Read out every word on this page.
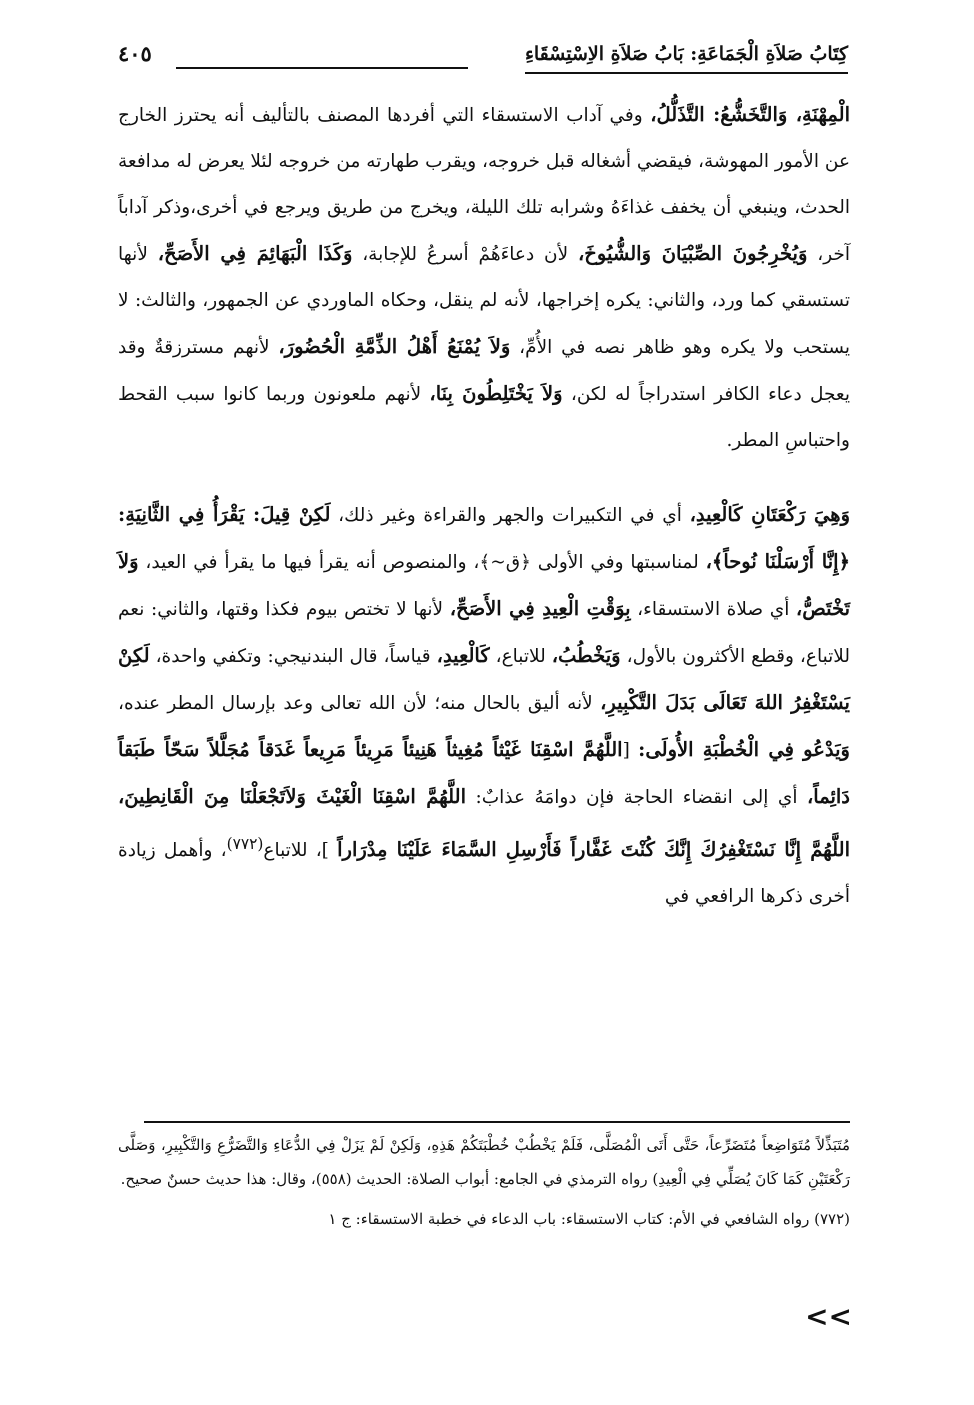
كِتَابُ صَلاَةِ الْجَمَاعَةِ: بَابُ صَلاَةِ الاِسْتِسْقَاءِ
٤٠٥

الْمِهْنَةِ، وَالتَّخَشُّعُ: التَّذَلُّلُ، وفي آداب الاستسقاء التي أفردها المصنف بالتأليف أنه يحترز الخارج عن الأمور المهوشة، فيقضي أشغاله قبل خروجه، ويقرب طهارته من خروجه لئلا يعرض له مدافعة الحدث، وينبغي أن يخفف غذاءَهُ وشرابه تلك الليلة، ويخرج من طريق ويرجع في أخرى،وذكر آداباً آخر، وَيُخْرِجُونَ الصِّبْيَانَ وَالشُّيُوخَ، لأن دعاءَهُمْ أسرعُ للإجابة، وَكَذَا الْبَهَائِمَ فِي الأَصَحِّ، لأنها تستسقي كما ورد، والثاني: يكره إخراجها، لأنه لم ينقل، وحكاه الماوردي عن الجمهور، والثالث: لا يستحب ولا يكره وهو ظاهر نصه في الأُمِّ، وَلاَ يُمْنَعُ أَهْلُ الذِّمَّةِ الْحُضُورَ، لأنهم مسترزقةٌ وقد يعجل دعاء الكافر استدراجاً له لكن، وَلاَ يَخْتَلِطُونَ بِنَا، لأنهم ملعونون وربما كانوا سبب القحط واحتباسِ المطر.

وَهِيَ رَكْعَتَانِ كَالْعِيدِ، أي في التكبيرات والجهر والقراءة وغير ذلك، لَكِنْ قِيلَ: يَقْرَأُ فِي الثَّانِيَةِ: ﴿إِنَّا أَرْسَلْنَا نُوحاً﴾، لمناسبتها وفي الأولى ﴿ق~﴾، والمنصوص أنه يقرأ فيها ما يقرأ في العيد، وَلاَ تَخْتَصُّ، أي صلاة الاستسقاء، بِوَقْتِ الْعِيدِ فِي الأَصَحِّ، لأنها لا تختص بيوم فكذا وقتها، والثاني: نعم للاتباع، وقطع الأكثرون بالأول، وَيَخْطُبُ، للاتباع، كَالْعِيدِ، قياساً، قال البندنيجي: وتكفي واحدة، لَكِنْ يَسْتَغْفِرُ اللهَ تَعَالَى بَدَلَ التَّكْبِيرِ، لأنه أليق بالحال منه؛ لأن الله تعالى وعد بإرسال المطر عنده، وَيَدْعُو فِي الْخُطْبَةِ الأُولَى: [اللَّهُمَّ اسْقِنَا غَيْثاً مُغِيثاً هَنِيئاً مَرِيئاً مَرِيعاً غَدَقاً مُجَلَّلاً سَحّاً طَبَقاً دَائِماً، أي إلى انقضاء الحاجة فإن دوامَهُ عذابٌ: اللَّهُمَّ اسْقِنَا الْغَيْثَ وَلاَتَجْعَلْنَا مِنَ الْقَانِطِينَ، اللَّهُمَّ إِنَّا نَسْتَغْفِرُكَ إِنَّكَ كُنْتَ غَفَّاراً فَأَرْسِلِ السَّمَاءَ عَلَيْنَا مِدْرَاراً ]، للاتباع$^{(٧٧٢)}$، وأهمل زيادة أخرى ذكرها الرافعي في

مُتَبَذِّلاً مُتَوَاضِعاً مُتَضَرِّعاً، حَتَّى أَتَى الْمُصَلَّى، فَلَمْ يَخْطُبْ خُطْبَتَكُمْ هَذِهِ، وَلَكِنْ لَمْ يَزَلْ فِي الدُّعَاءِ وَالتَّضَرُّعِ وَالتَّكْبِيرِ، وَصَلَّى رَكْعَتَيْنِ كَمَا كَانَ يُصَلِّي فِي الْعِيدِ) رواه الترمذي في الجامع: أبواب الصلاة: الحديث (٥٥٨)، وقال: هذا حديث حسنٌ صحيح.

(٧٧٢) رواه الشافعي في الأم: كتاب الاستسقاء: باب الدعاء في خطبة الاستسقاء: ج ١

<<
